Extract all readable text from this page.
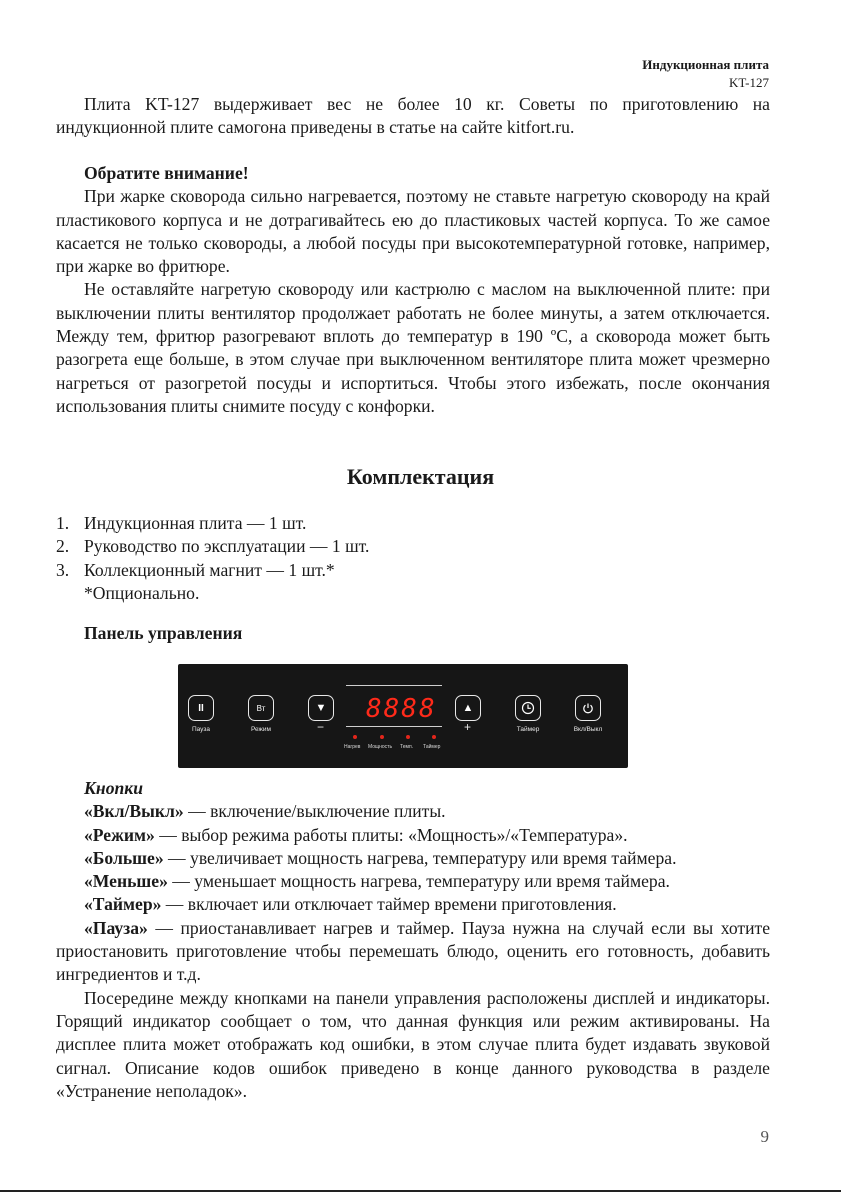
Индукционная плита
KT-127

Плита KT-127 выдерживает вес не более 10 кг. Советы по приготовлению на индукционной плите самогона приведены в статье на сайте kitfort.ru.

Обратите внимание!

При жарке сковорода сильно нагревается, поэтому не ставьте нагретую сковороду на край пластикового корпуса и не дотрагивайтесь ею до пластиковых частей корпуса. То же самое касается не только сковороды, а любой посуды при высокотемпературной готовке, например, при жарке во фритюре.

Не оставляйте нагретую сковороду или кастрюлю с маслом на выключенной плите: при выключении плиты вентилятор продолжает работать не более минуты, а затем отключается. Между тем, фритюр разогревают вплоть до температур в 190 ºC, а сковорода может быть разогрета еще больше, в этом случае при выключенном вентиляторе плита может чрезмерно нагреться от разогретой посуды и испортиться. Чтобы этого избежать, после окончания использования плиты снимите посуду с конфорки.

Комплектация
1. Индукционная плита — 1 шт.
2. Руководство по эксплуатации — 1 шт.
3. Коллекционный магнит — 1 шт.*
*Опционально.
Панель управления
II
Пауза
Вт
Режим
▼
−
8888
Нагрев Мощность Темп. Таймер
▲
+	Таймер	Вкл/Выкл
Кнопки

«Вкл/Выкл» — включение/выключение плиты.

«Режим» — выбор режима работы плиты: «Мощность»/«Температура».

«Больше» — увеличивает мощность нагрева, температуру или время таймера.

«Меньше» — уменьшает мощность нагрева, температуру или время таймера.

«Таймер» — включает или отключает таймер времени приготовления.

«Пауза» — приостанавливает нагрев и таймер. Пауза нужна на случай если вы хотите приостановить приготовление чтобы перемешать блюдо, оценить его готовность, добавить ингредиентов и т.д.

Посередине между кнопками на панели управления расположены дисплей и индикаторы. Горящий индикатор сообщает о том, что данная функция или режим активированы. На дисплее плита может отображать код ошибки, в этом случае плита будет издавать звуковой сигнал. Описание кодов ошибок приведено в конце данного руководства в разделе «Устранение неполадок».

9
